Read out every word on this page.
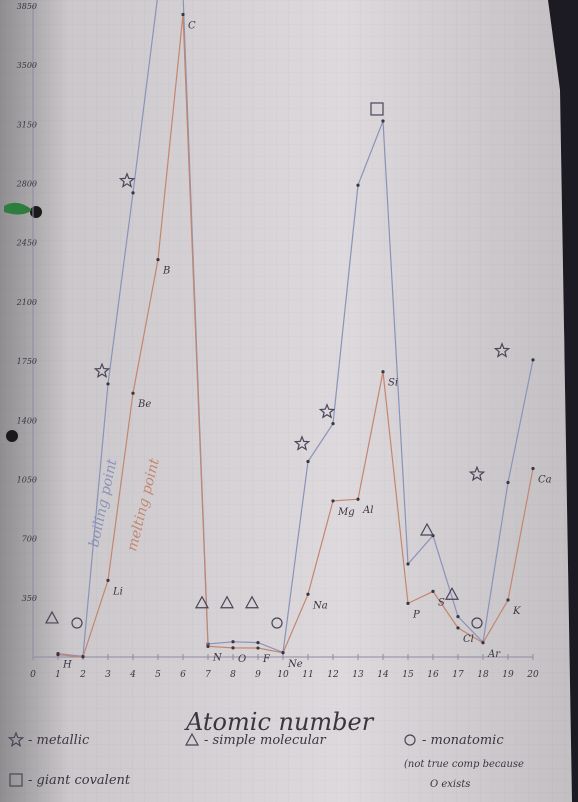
0 1 2 3 4 5 6 7 8 9 10 11 12 13 14 15 16 17 18 19 20
350
700
1050
1400
1750
2100
2450
2800
3150
3500
3850
H
Li
Be
B
C
N O F Ne
Na
Mg Al
Si
P
S
Cl
Ar
K
Ca
boiling point melting point
Atomic number
- metallic	- simple molecular	- monatomic
- giant covalent
(not true comp because
O exists
